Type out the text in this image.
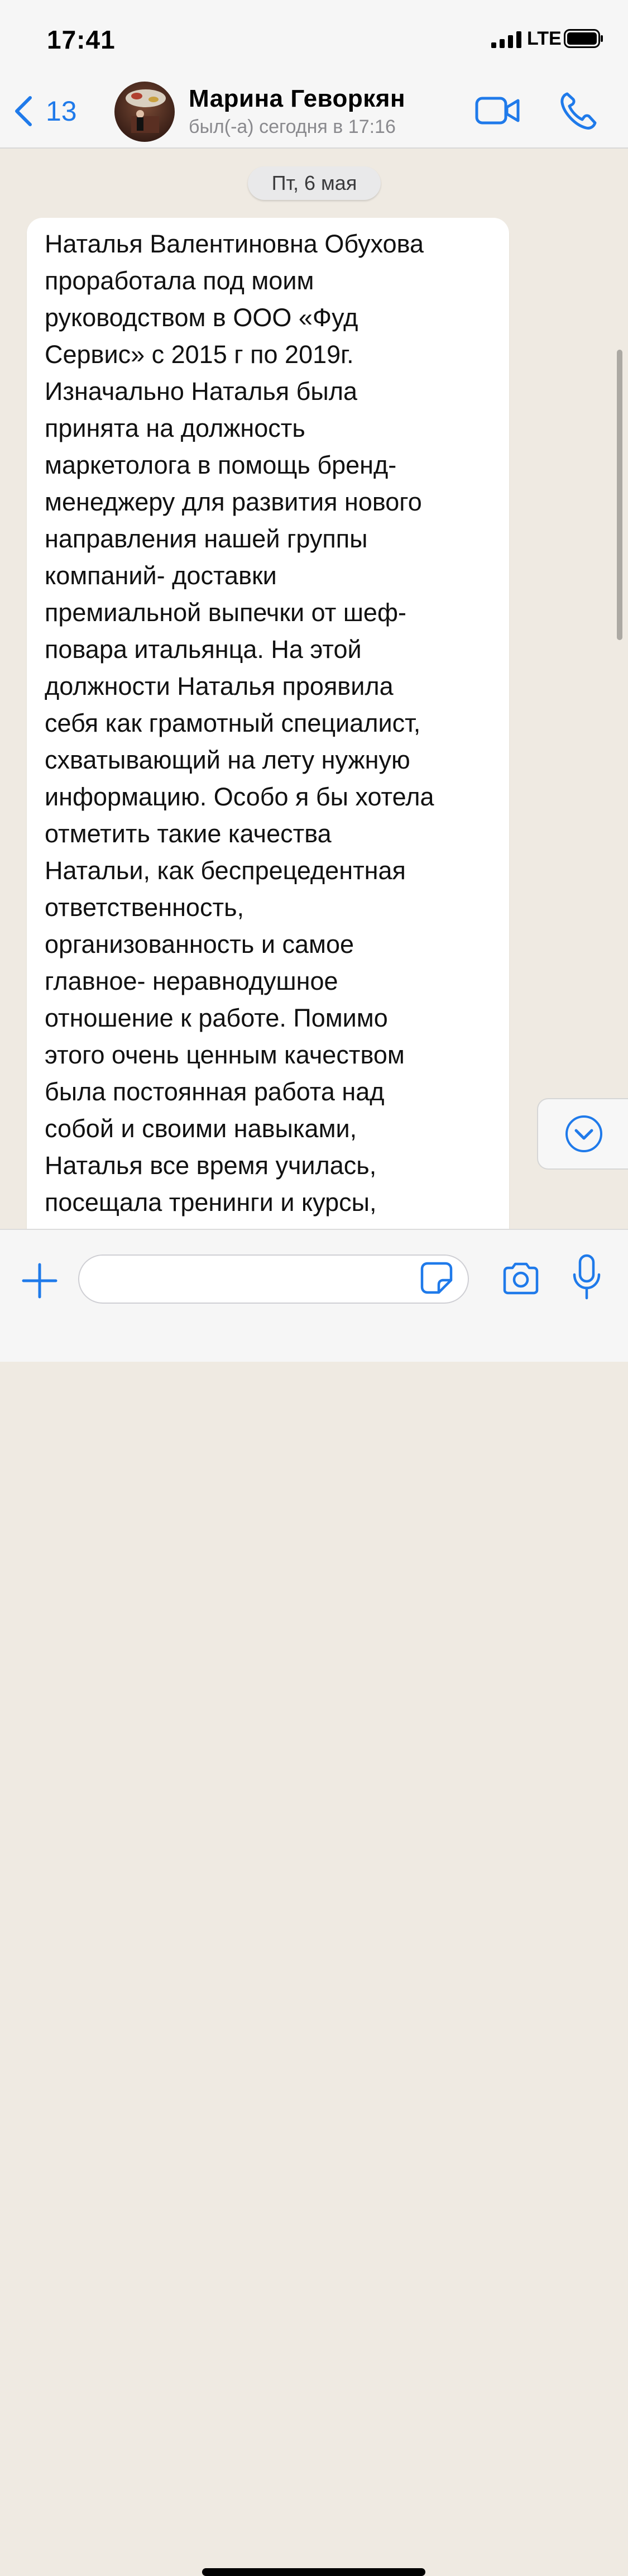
17:41	LTE
13	Марина Геворкян
был(-а) сегодня в 17:16
Пт, 6 мая
Наталья Валентиновна Обухова
проработала под моим
руководством в ООО «Фуд
Сервис» с 2015 г по 2019г.
Изначально Наталья была
принята на должность
маркетолога в помощь бренд-
менеджеру для развития нового
направления нашей группы
компаний- доставки
премиальной выпечки от шеф-
повара итальянца. На этой
должности Наталья проявила
себя как грамотный специалист,
схватывающий на лету нужную
информацию. Особо я бы хотела
отметить такие качества
Натальи, как беспрецедентная
ответственность,
организованность и самое
главное- неравнодушное
отношение к работе. Помимо
этого очень ценным качеством
была постоянная работа над
собой и своими навыками,
Наталья все время училась,
посещала тренинги и курсы,
